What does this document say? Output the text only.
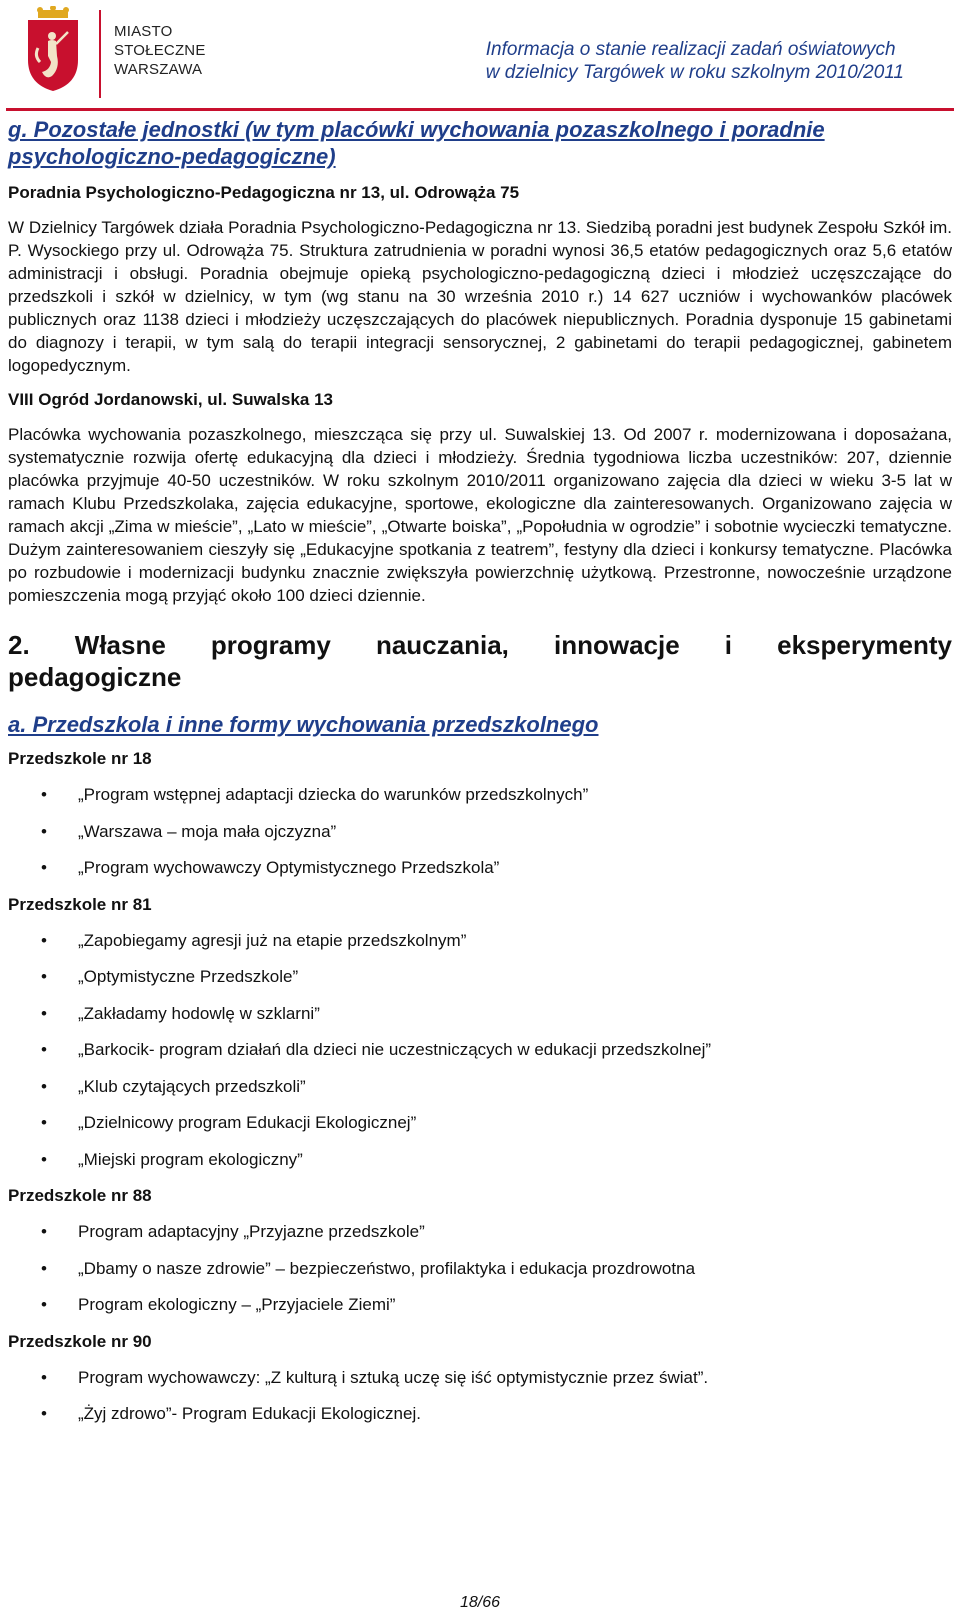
MIASTO
STOŁECZNE
WARSZAWA
Informacja o stanie realizacji zadań oświatowych
w dzielnicy Targówek w roku szkolnym 2010/2011
g. Pozostałe jednostki (w tym placówki wychowania pozaszkolnego i poradnie psychologiczno-pedagogiczne)
Poradnia Psychologiczno-Pedagogiczna nr 13, ul. Odrowąża 75

W Dzielnicy Targówek działa Poradnia Psychologiczno-Pedagogiczna nr 13. Siedzibą poradni jest budynek Zespołu Szkół im. P. Wysockiego przy ul. Odrowąża 75. Struktura zatrudnienia w poradni wynosi 36,5 etatów pedagogicznych oraz 5,6 etatów administracji i obsługi. Poradnia obejmuje opieką psychologiczno-pedagogiczną dzieci i młodzież uczęszczające do przedszkoli i szkół w dzielnicy, w tym (wg stanu na 30 września 2010 r.) 14 627 uczniów i wychowanków placówek publicznych oraz 1138 dzieci i młodzieży uczęszczających do placówek niepublicznych. Poradnia dysponuje 15 gabinetami do diagnozy i terapii, w tym salą do terapii integracji sensorycznej, 2 gabinetami do terapii pedagogicznej, gabinetem logopedycznym.

VIII Ogród Jordanowski, ul. Suwalska 13

Placówka wychowania pozaszkolnego, mieszcząca się przy ul. Suwalskiej 13. Od 2007 r. modernizowana i doposażana, systematycznie rozwija ofertę edukacyjną dla dzieci i młodzieży. Średnia tygodniowa liczba uczestników: 207, dziennie placówka przyjmuje 40-50 uczestników. W roku szkolnym 2010/2011 organizowano zajęcia dla dzieci w wieku 3-5 lat w ramach Klubu Przedszkolaka, zajęcia edukacyjne, sportowe, ekologiczne dla zainteresowanych. Organizowano zajęcia w ramach akcji „Zima w mieście”, „Lato w mieście”, „Otwarte boiska”, „Popołudnia w ogrodzie” i sobotnie wycieczki tematyczne. Dużym zainteresowaniem cieszyły się „Edukacyjne spotkania z teatrem”, festyny dla dzieci i konkursy tematyczne. Placówka po rozbudowie i modernizacji budynku znacznie zwiększyła powierzchnię użytkową. Przestronne, nowocześnie urządzone pomieszczenia mogą przyjąć około 100 dzieci dziennie.

2. Własne programy nauczania, innowacje i eksperymenty pedagogiczne
a. Przedszkola i inne formy wychowania przedszkolnego
Przedszkole nr 18
• „Program wstępnej adaptacji dziecka do warunków przedszkolnych”
• „Warszawa – moja mała ojczyzna”
• „Program wychowawczy Optymistycznego Przedszkola”
Przedszkole nr 81
• „Zapobiegamy agresji już na etapie przedszkolnym”
• „Optymistyczne Przedszkole”
• „Zakładamy hodowlę w szklarni”
• „Barkocik- program działań dla dzieci nie uczestniczących w edukacji przedszkolnej”
• „Klub czytających przedszkoli”
• „Dzielnicowy program Edukacji Ekologicznej”
• „Miejski program ekologiczny”
Przedszkole nr 88
• Program adaptacyjny „Przyjazne przedszkole”
• „Dbamy o nasze zdrowie” – bezpieczeństwo, profilaktyka i edukacja prozdrowotna
• Program ekologiczny – „Przyjaciele Ziemi”
Przedszkole nr 90
• Program wychowawczy: „Z kulturą i sztuką uczę się iść optymistycznie przez świat”.
• „Żyj zdrowo”- Program Edukacji Ekologicznej.
18/66
